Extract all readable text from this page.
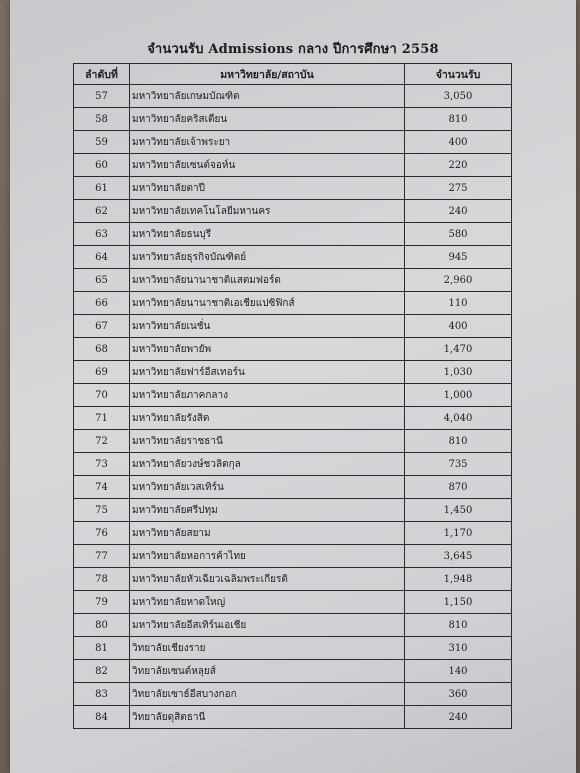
จำนวนรับ Admissions กลาง ปีการศึกษา 2558
ลำดับที่	มหาวิทยาลัย/สถาบัน	จำนวนรับ
57	มหาวิทยาลัยเกษมบัณฑิต	3,050
58	มหาวิทยาลัยคริสเตียน	810
59	มหาวิทยาลัยเจ้าพระยา	400
60	มหาวิทยาลัยเซนต์จอห์น	220
61	มหาวิทยาลัยตาปี	275
62	มหาวิทยาลัยเทคโนโลยีมหานคร	240
63	มหาวิทยาลัยธนบุรี	580
64	มหาวิทยาลัยธุรกิจบัณฑิตย์	945
65	มหาวิทยาลัยนานาชาติแสตมฟอร์ด	2,960
66	มหาวิทยาลัยนานาชาติเอเชียแปซิฟิกส์	110
67	มหาวิทยาลัยเนชั่น	400
68	มหาวิทยาลัยพายัพ	1,470
69	มหาวิทยาลัยฟาร์อีสเทอร์น	1,030
70	มหาวิทยาลัยภาคกลาง	1,000
71	มหาวิทยาลัยรังสิต	4,040
72	มหาวิทยาลัยราชธานี	810
73	มหาวิทยาลัยวงษ์ชวลิตกุล	735
74	มหาวิทยาลัยเวสเทิร์น	870
75	มหาวิทยาลัยศรีปทุม	1,450
76	มหาวิทยาลัยสยาม	1,170
77	มหาวิทยาลัยหอการค้าไทย	3,645
78	มหาวิทยาลัยหัวเฉียวเฉลิมพระเกียรติ	1,948
79	มหาวิทยาลัยหาดใหญ่	1,150
80	มหาวิทยาลัยอีสเทิร์นเอเชีย	810
81	วิทยาลัยเชียงราย	310
82	วิทยาลัยเซนต์หลุยส์	140
83	วิทยาลัยเซาธ์อีสบางกอก	360
84	วิทยาลัยดุสิตธานี	240
